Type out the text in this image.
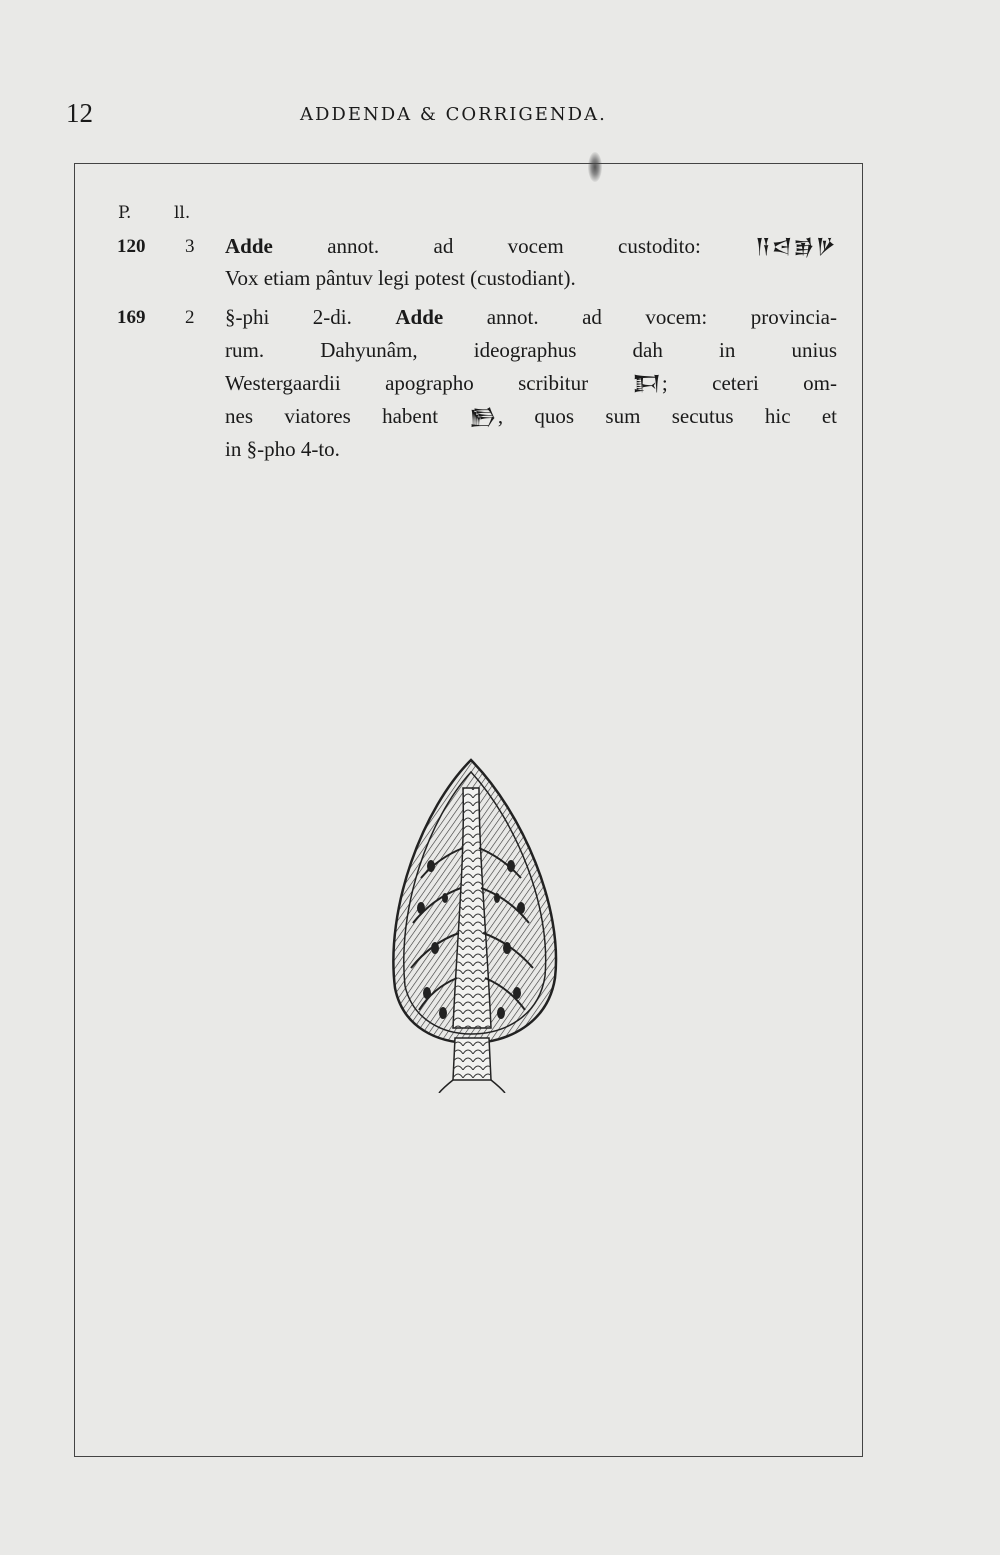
12	ADDENDA & CORRIGENDA.
P.	ll.
120 3 Adde annot. ad vocem custodito: 𒀀𒁀𒂊𒃻
Vox etiam pântuv legi potest (custodiant).
169 2 §-phi 2-di. Adde annot. ad vocem: provincia-
rum. Dahyunâm, ideographus dah in unius
Westergaardii apographo scribitur 𒁕; ceteri om-
nes viatores habent 𒁖, quos sum secutus hic et
in §-pho 4-to.
